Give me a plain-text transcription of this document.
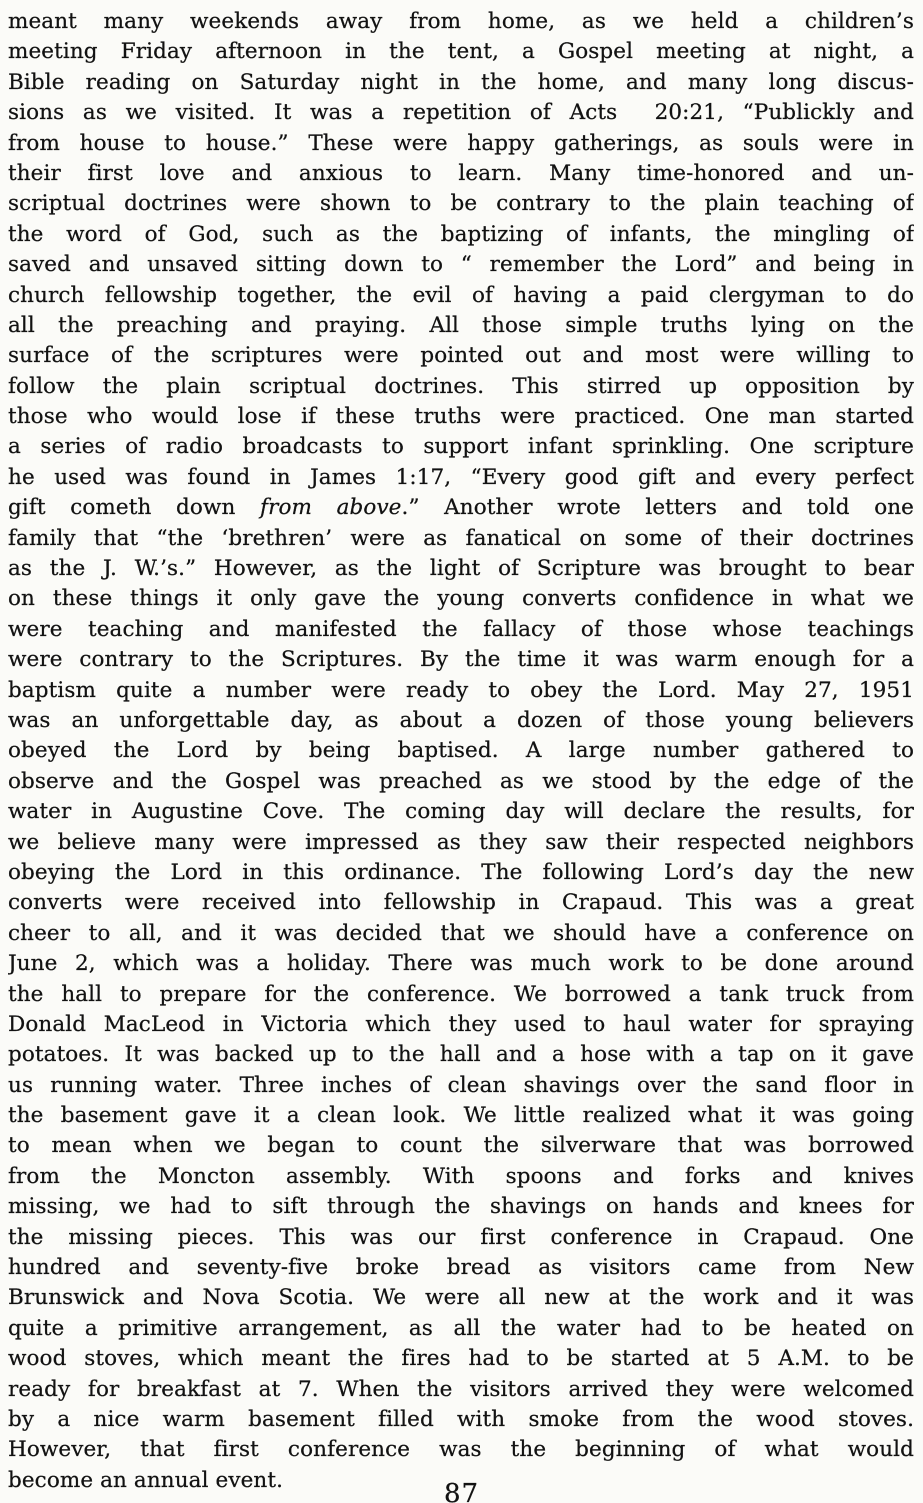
meant many weekends away from home, as we held a children’s
meeting Friday afternoon in the tent, a Gospel meeting at night, a
Bible reading on Saturday night in the home, and many long discus-
sions as we visited. It was a repetition of Acts  20:21, “Publickly and
from house to house.” These were happy gatherings, as souls were in
their first love and anxious to learn. Many time-honored and un-
scriptual doctrines were shown to be contrary to the plain teaching of
the word of God, such as the baptizing of infants, the mingling of
saved and unsaved sitting down to “ remember the Lord” and being in
church fellowship together, the evil of having a paid clergyman to do
all the preaching and praying. All those simple truths lying on the
surface of the scriptures were pointed out and most were willing to
follow the plain scriptual doctrines. This stirred up opposition by
those who would lose if these truths were practiced. One man started
a series of radio broadcasts to support infant sprinkling. One scripture
he used was found in James 1:17, “Every good gift and every perfect
gift cometh down from above.” Another wrote letters and told one
family that “the ‘brethren’ were as fanatical on some of their doctrines
as the J. W.’s.” However, as the light of Scripture was brought to bear
on these things it only gave the young converts confidence in what we
were teaching and manifested the fallacy of those whose teachings
were contrary to the Scriptures. By the time it was warm enough for a
baptism quite a number were ready to obey the Lord. May 27, 1951
was an unforgettable day, as about a dozen of those young believers
obeyed the Lord by being baptised. A large number gathered to
observe and the Gospel was preached as we stood by the edge of the
water in Augustine Cove. The coming day will declare the results, for
we believe many were impressed as they saw their respected neighbors
obeying the Lord in this ordinance. The following Lord’s day the new
converts were received into fellowship in Crapaud. This was a great
cheer to all, and it was decided that we should have a conference on
June 2, which was a holiday. There was much work to be done around
the hall to prepare for the conference. We borrowed a tank truck from
Donald MacLeod in Victoria which they used to haul water for spraying
potatoes. It was backed up to the hall and a hose with a tap on it gave
us running water. Three inches of clean shavings over the sand floor in
the basement gave it a clean look. We little realized what it was going
to mean when we began to count the silverware that was borrowed
from the Moncton assembly. With spoons and forks and knives
missing, we had to sift through the shavings on hands and knees for
the missing pieces. This was our first conference in Crapaud. One
hundred and seventy-five broke bread as visitors came from New
Brunswick and Nova Scotia. We were all new at the work and it was
quite a primitive arrangement, as all the water had to be heated on
wood stoves, which meant the fires had to be started at 5 A.M. to be
ready for breakfast at 7. When the visitors arrived they were welcomed
by a nice warm basement filled with smoke from the wood stoves.
However, that first conference was the beginning of what would
become an annual event.	87
